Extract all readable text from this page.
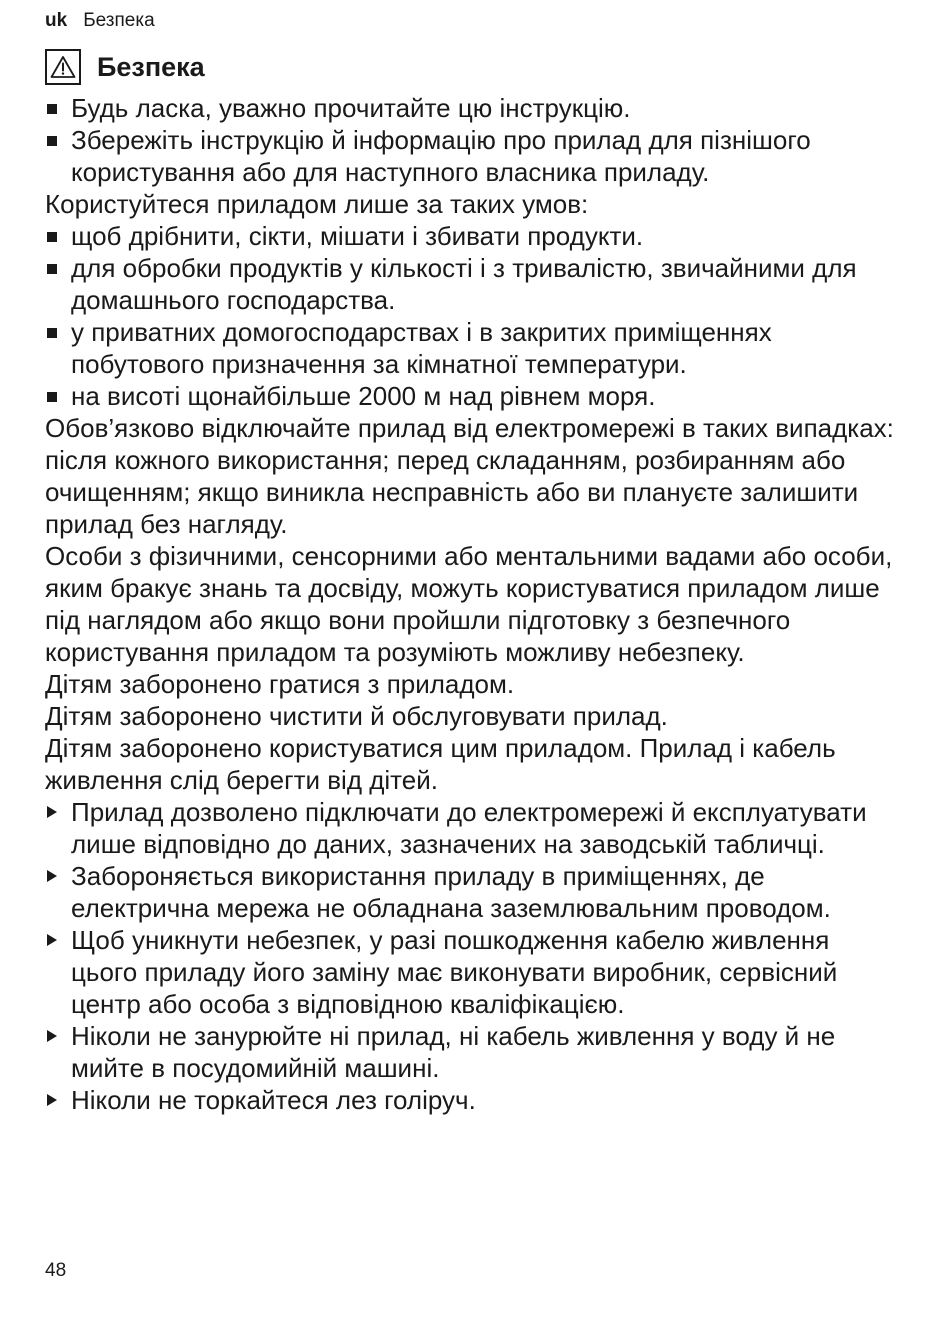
uk Безпека
Безпека
Будь ласка, уважно прочитайте цю інструкцію.
Збережіть інструкцію й інформацію про прилад для пізнішого користування або для наступного власника приладу.

Користуйтеся приладом лише за таких умов:

щоб дрібнити, сікти, мішати і збивати продукти.
для обробки продуктів у кількості і з тривалістю, звичайними для домашнього господарства.
у приватних домогосподарствах і в закритих приміщеннях побутового призначення за кімнатної температури.
на висоті щонайбільше 2000 м над рівнем моря.

Обов’язково відключайте прилад від електромережі в таких випадках: після кожного використання; перед складанням, розбиранням або очищенням; якщо виникла несправність або ви плануєте залишити прилад без нагляду.

Особи з фізичними, сенсорними або ментальними вадами або особи, яким бракує знань та досвіду, можуть користуватися приладом лише під наглядом або якщо вони пройшли підготовку з безпечного користування приладом та розуміють можливу небезпеку.

Дітям заборонено гратися з приладом.

Дітям заборонено чистити й обслуговувати прилад.

Дітям заборонено користуватися цим приладом. Прилад і кабель живлення слід берегти від дітей.

Прилад дозволено підключати до електромережі й експлуатувати лише відповідно до даних, зазначених на заводській табличці.
Забороняється використання приладу в приміщеннях, де електрична мережа не обладнана заземлювальним проводом.
Щоб уникнути небезпек, у разі пошкодження кабелю живлення цього приладу його заміну має виконувати виробник, сервісний центр або особа з відповідною кваліфікацією.
Ніколи не занурюйте ні прилад, ні кабель живлення у воду й не мийте в посудомийній машині.
Ніколи не торкайтеся лез голіруч.
48
